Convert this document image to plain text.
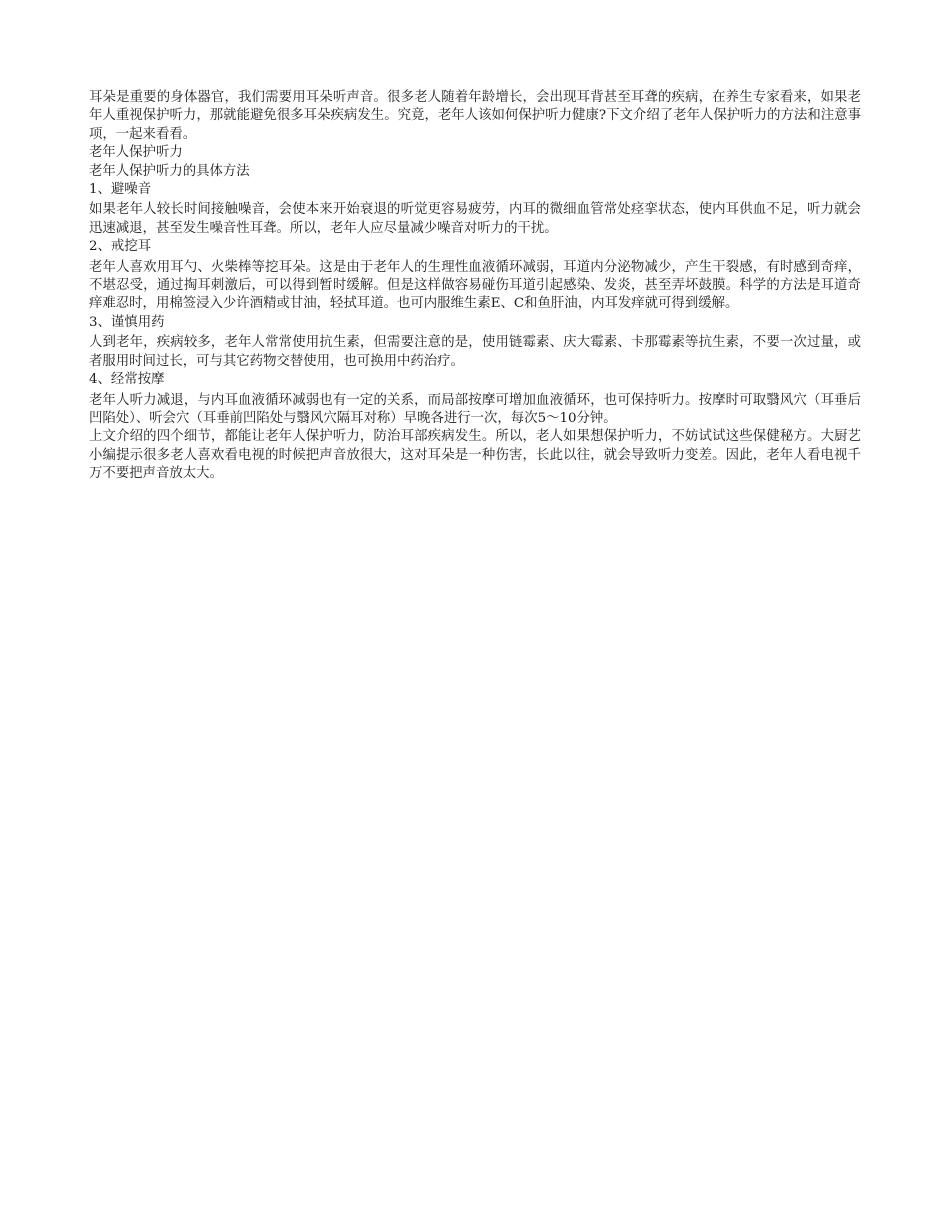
耳朵是重要的身体器官，我们需要用耳朵听声音。很多老人随着年龄增长，会出现耳背甚至耳聋的疾病，在养生专家看来，如果老年人重视保护听力，那就能避免很多耳朵疾病发生。究竟，老年人该如何保护听力健康?下文介绍了老年人保护听力的方法和注意事项，一起来看看。

老年人保护听力

老年人保护听力的具体方法

1、避噪音

如果老年人较长时间接触噪音，会使本来开始衰退的听觉更容易疲劳，内耳的微细血管常处痉挛状态，使内耳供血不足，听力就会迅速减退，甚至发生噪音性耳聋。所以，老年人应尽量减少噪音对听力的干扰。

2、戒挖耳

老年人喜欢用耳勺、火柴棒等挖耳朵。这是由于老年人的生理性血液循环减弱，耳道内分泌物减少，产生干裂感，有时感到奇痒，不堪忍受，通过掏耳刺激后，可以得到暂时缓解。但是这样做容易碰伤耳道引起感染、发炎，甚至弄坏鼓膜。科学的方法是耳道奇痒难忍时，用棉签浸入少许酒精或甘油，轻拭耳道。也可内服维生素E、C和鱼肝油，内耳发痒就可得到缓解。

3、谨慎用药

人到老年，疾病较多，老年人常常使用抗生素，但需要注意的是，使用链霉素、庆大霉素、卡那霉素等抗生素，不要一次过量，或者服用时间过长，可与其它药物交替使用，也可换用中药治疗。

4、经常按摩

老年人听力减退，与内耳血液循环减弱也有一定的关系，而局部按摩可增加血液循环，也可保持听力。按摩时可取翳风穴（耳垂后凹陷处）、听会穴（耳垂前凹陷处与翳风穴隔耳对称）早晚各进行一次，每次5～10分钟。

上文介绍的四个细节，都能让老年人保护听力，防治耳部疾病发生。所以，老人如果想保护听力，不妨试试这些保健秘方。大厨艺小编提示很多老人喜欢看电视的时候把声音放很大，这对耳朵是一种伤害，长此以往，就会导致听力变差。因此，老年人看电视千万不要把声音放太大。
